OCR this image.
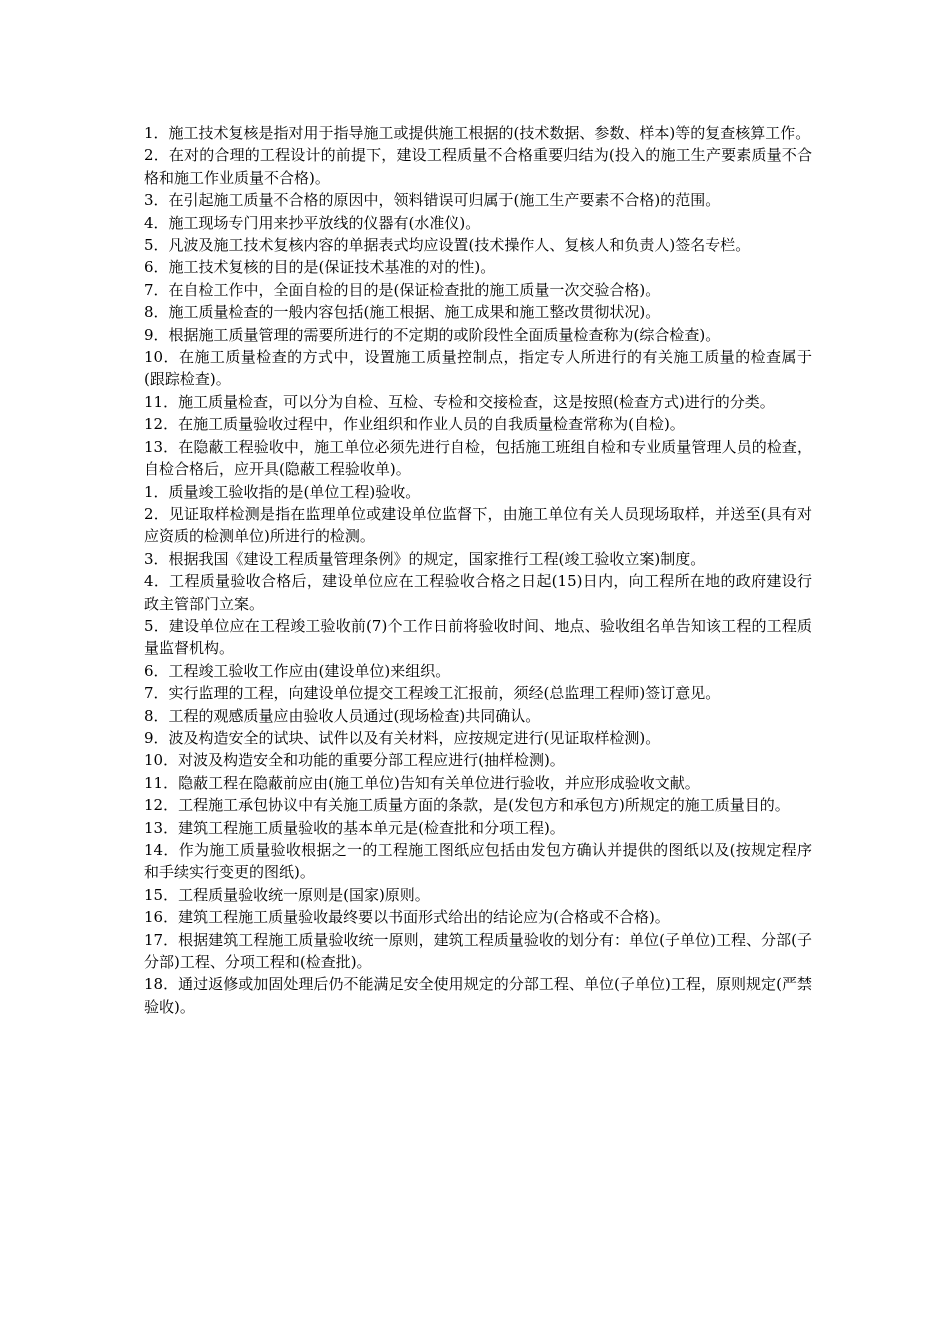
1．施工技术复核是指对用于指导施工或提供施工根据的(技术数据、参数、样本)等的复查核算工作。

2．在对的合理的工程设计的前提下，建设工程质量不合格重要归结为(投入的施工生产要素质量不合格和施工作业质量不合格)。

3．在引起施工质量不合格的原因中，领料错误可归属于(施工生产要素不合格)的范围。

4．施工现场专门用来抄平放线的仪器有(水准仪)。

5．凡波及施工技术复核内容的单据表式均应设置(技术操作人、复核人和负责人)签名专栏。

6．施工技术复核的目的是(保证技术基准的对的性)。

7．在自检工作中，全面自检的目的是(保证检查批的施工质量一次交验合格)。

8．施工质量检查的一般内容包括(施工根据、施工成果和施工整改贯彻状况)。

9．根据施工质量管理的需要所进行的不定期的或阶段性全面质量检查称为(综合检查)。

10．在施工质量检查的方式中，设置施工质量控制点，指定专人所进行的有关施工质量的检查属于(跟踪检查)。

11．施工质量检查，可以分为自检、互检、专检和交接检查，这是按照(检查方式)进行的分类。

12．在施工质量验收过程中，作业组织和作业人员的自我质量检查常称为(自检)。

13．在隐蔽工程验收中，施工单位必须先进行自检，包括施工班组自检和专业质量管理人员的检查，自检合格后，应开具(隐蔽工程验收单)。

1．质量竣工验收指的是(单位工程)验收。

2．见证取样检测是指在监理单位或建设单位监督下，由施工单位有关人员现场取样，并送至(具有对应资质的检测单位)所进行的检测。

3．根据我国《建设工程质量管理条例》的规定，国家推行工程(竣工验收立案)制度。

4．工程质量验收合格后，建设单位应在工程验收合格之日起(15)日内，向工程所在地的政府建设行政主管部门立案。

5．建设单位应在工程竣工验收前(7)个工作日前将验收时间、地点、验收组名单告知该工程的工程质量监督机构。

6．工程竣工验收工作应由(建设单位)来组织。

7．实行监理的工程，向建设单位提交工程竣工汇报前，须经(总监理工程师)签订意见。

8．工程的观感质量应由验收人员通过(现场检查)共同确认。

9．波及构造安全的试块、试件以及有关材料，应按规定进行(见证取样检测)。

10．对波及构造安全和功能的重要分部工程应进行(抽样检测)。

11．隐蔽工程在隐蔽前应由(施工单位)告知有关单位进行验收，并应形成验收文献。

12．工程施工承包协议中有关施工质量方面的条款，是(发包方和承包方)所规定的施工质量目的。

13．建筑工程施工质量验收的基本单元是(检查批和分项工程)。

14．作为施工质量验收根据之一的工程施工图纸应包括由发包方确认并提供的图纸以及(按规定程序和手续实行变更的图纸)。

15．工程质量验收统一原则是(国家)原则。

16．建筑工程施工质量验收最终要以书面形式给出的结论应为(合格或不合格)。

17．根据建筑工程施工质量验收统一原则，建筑工程质量验收的划分有：单位(子单位)工程、分部(子分部)工程、分项工程和(检查批)。

18．通过返修或加固处理后仍不能满足安全使用规定的分部工程、单位(子单位)工程，原则规定(严禁验收)。
